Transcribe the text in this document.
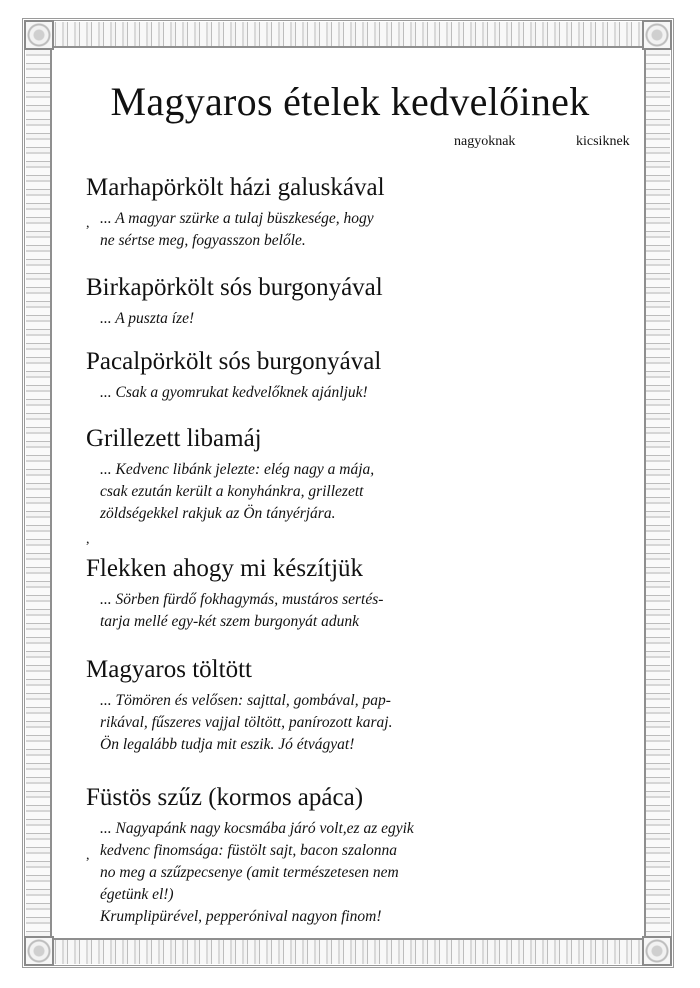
Magyaros ételek kedvelőinek
nagyoknak	kicsiknek
Marhapörkölt házi galuskával

... A magyar szürke a tulaj büszkesége, hogy
ne sértse meg, fogyasszon belőle.

,
Birkapörkölt sós burgonyával

... A puszta íze!

Pacalpörkölt sós burgonyával

... Csak a gyomrukat kedvelőknek ajánljuk!

Grillezett libamáj

... Kedvenc libánk jelezte: elég nagy a mája,
csak ezután került a konyhánkra, grillezett
zöldségekkel rakjuk az Ön tányérjára.

,
Flekken ahogy mi készítjük

... Sörben fürdő fokhagymás, mustáros sertés-
tarja mellé egy-két szem burgonyát adunk

Magyaros töltött

... Tömören és velősen: sajttal, gombával, pap-
rikával, fűszeres vajjal töltött, panírozott karaj.
Ön legalább tudja mit eszik. Jó étvágyat!

Füstös szűz (kormos apáca)

... Nagyapánk nagy kocsmába járó volt,ez az egyik
kedvenc finomsága: füstölt sajt, bacon szalonna
no meg a szűzpecsenye (amit természetesen nem
égetünk el!)
Krumplipürével, pepperónival nagyon finom!

,
